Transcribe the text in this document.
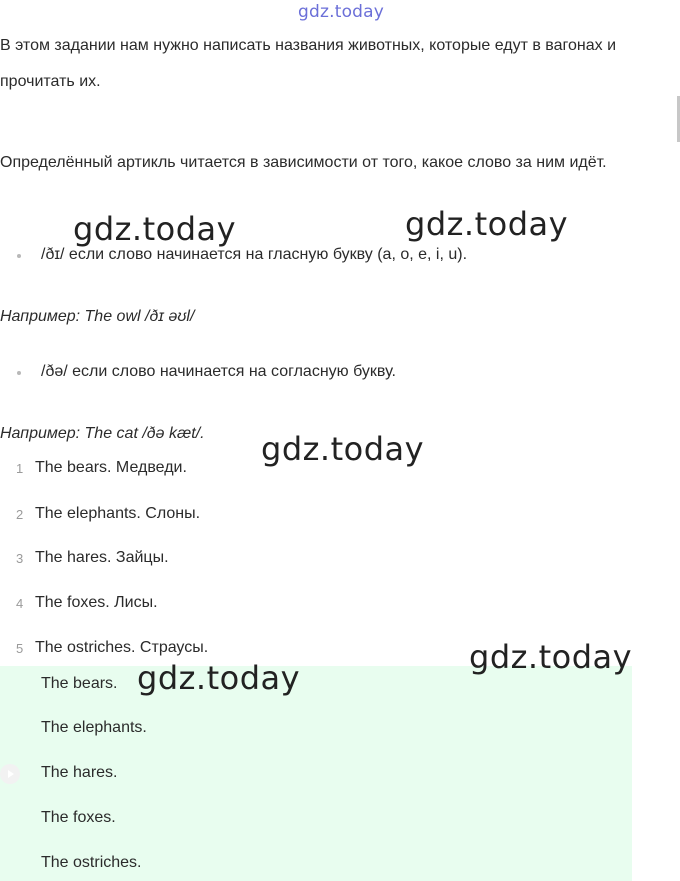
gdz.today

В этом задании нам нужно написать названия животных, которые едут в вагонах и прочитать их.

Определённый артикль читается в зависимости от того, какое слово за ним идёт.

/ðɪ/ если слово начинается на гласную букву (a, o, e, i, u).
Например: The owl /ðɪ əʊl/
/ðə/ если слово начинается на согласную букву.
Например: The cat /ðə kæt/.
1 The bears. Медведи.
2 The elephants. Слоны.
3 The hares. Зайцы.
4 The foxes. Лисы.
5 The ostriches. Страусы.
The bears.
The elephants.
The hares.
The foxes.
The ostriches.
gdz.today	gdz.today
gdz.today
gdz.today
gdz.today
